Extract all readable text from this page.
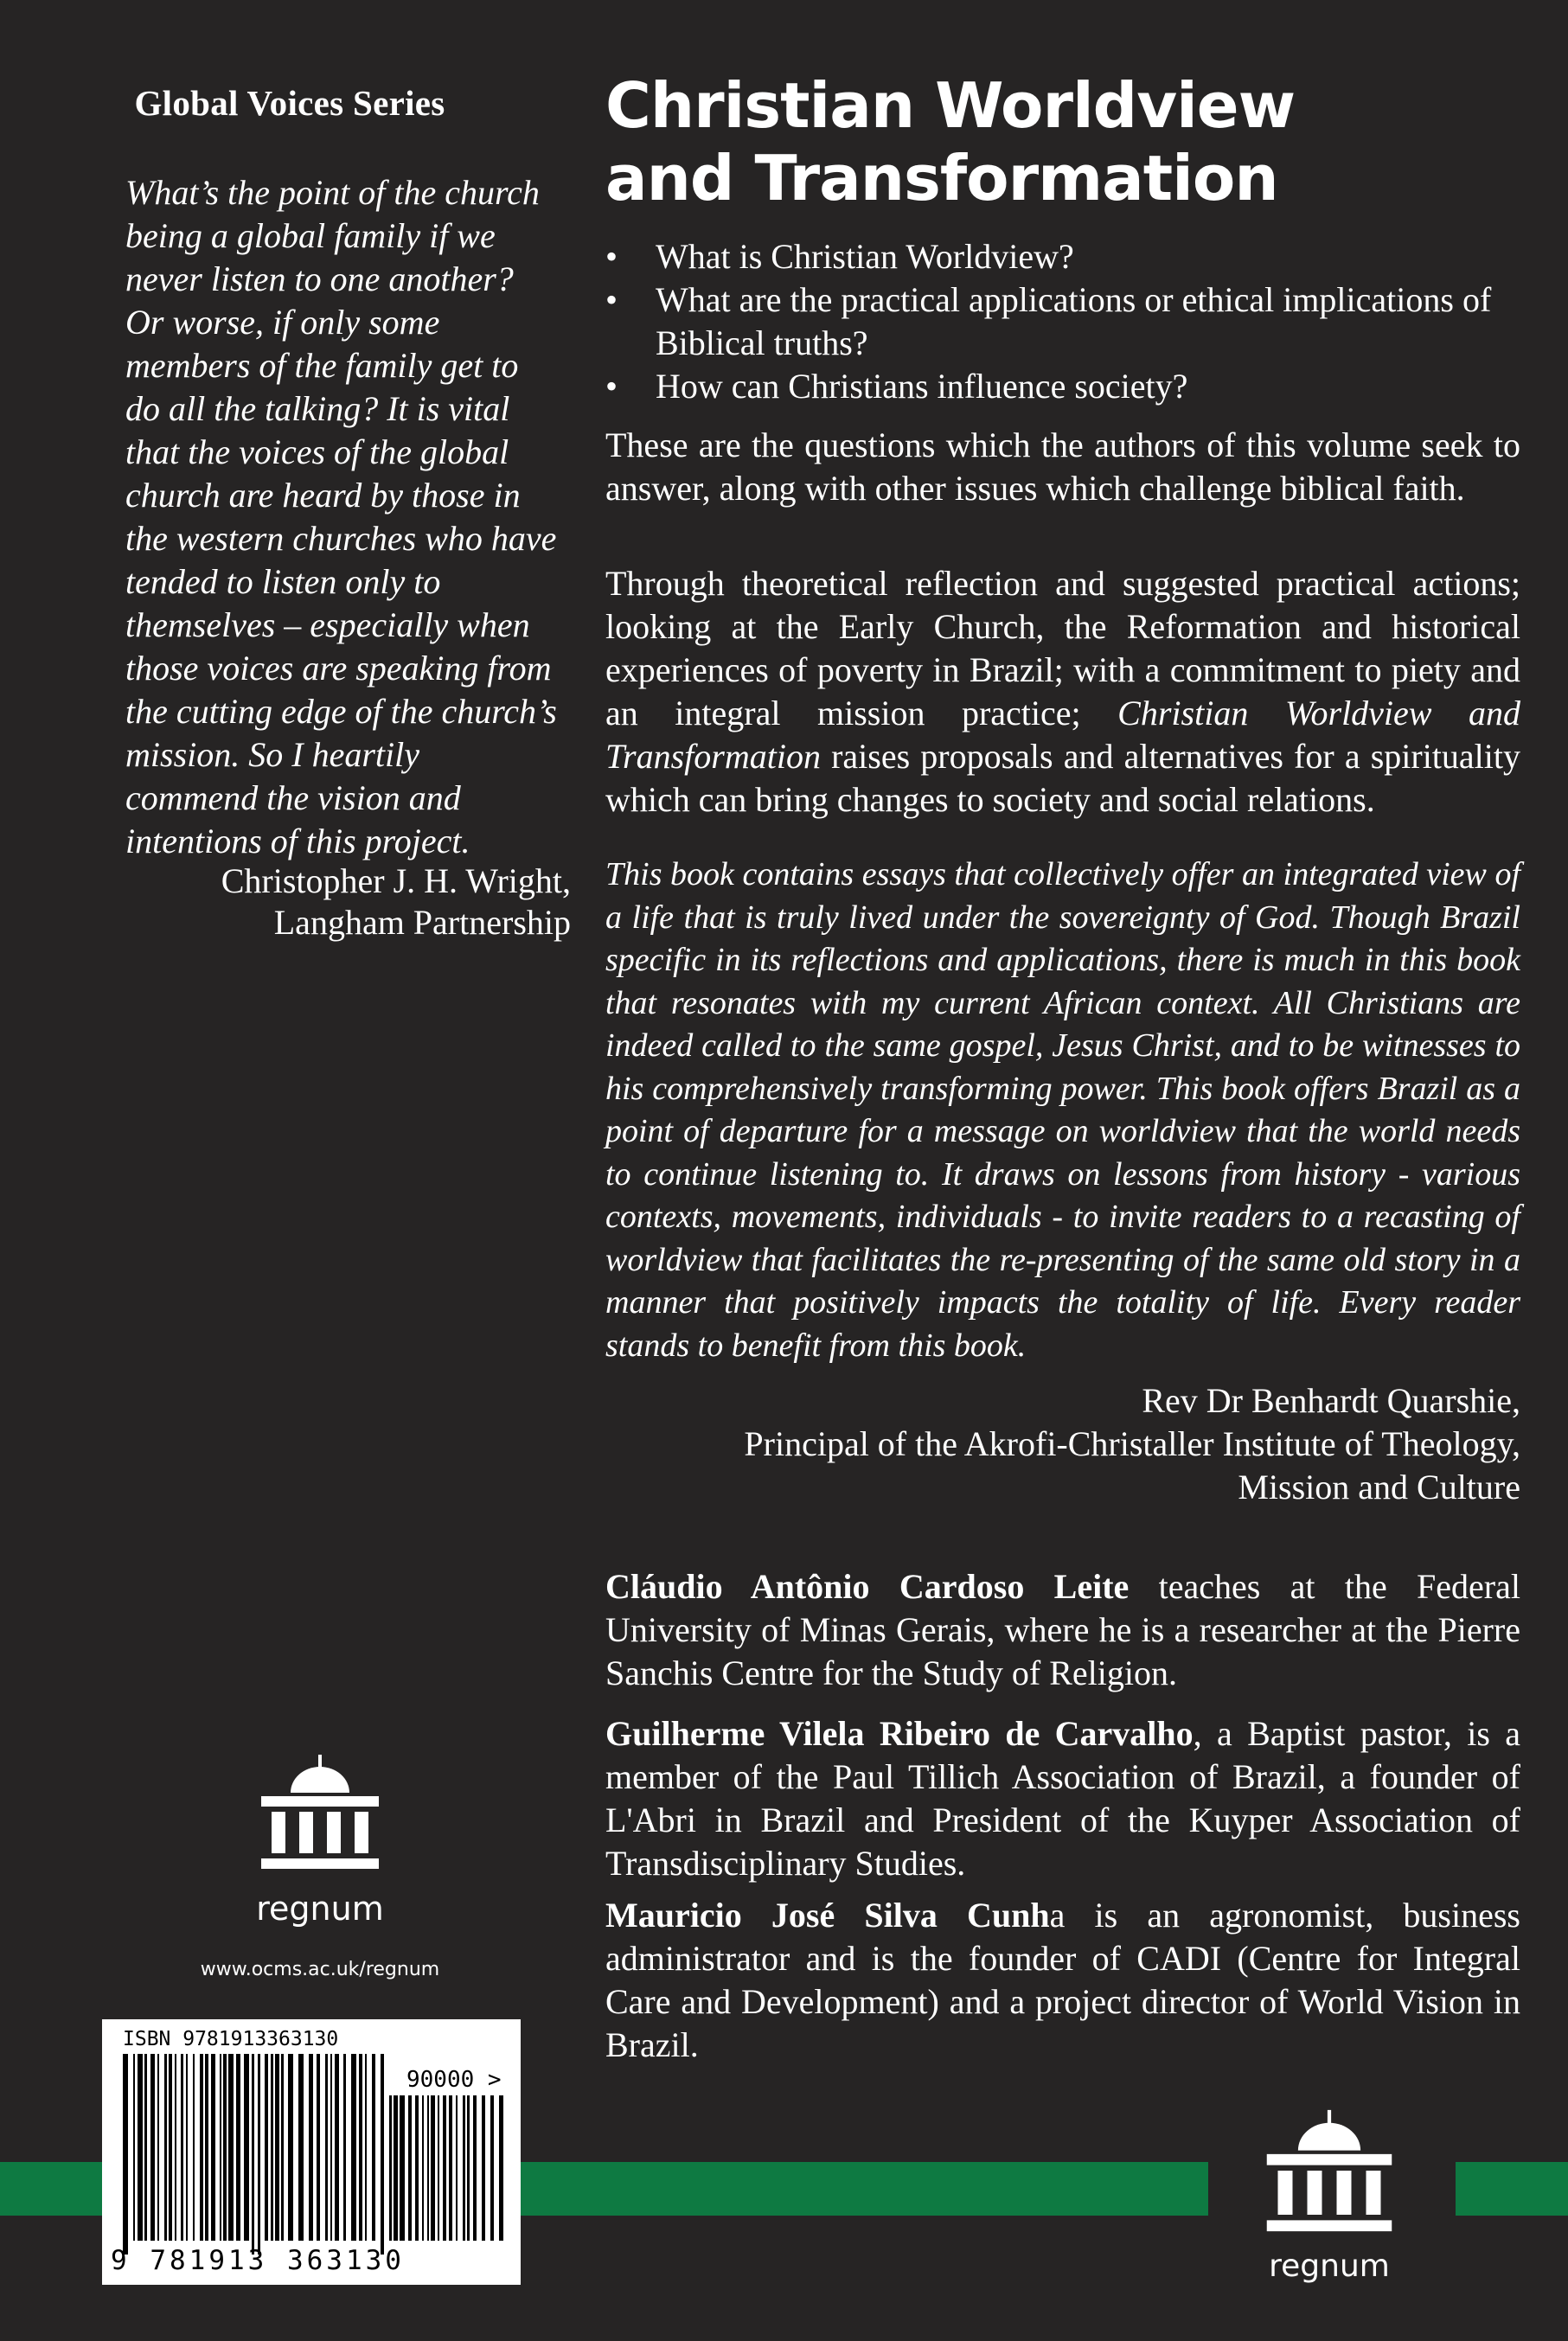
Global Voices Series
What’s the point of the church being a global family if we never listen to one another? Or worse, if only some members of the family get to do all the talking? It is vital that the voices of the global church are heard by those in the western churches who have tended to listen only to themselves – especially when those voices are speaking from the cutting edge of the church’s mission. So I heartily commend the vision and intentions of this project.
Christopher J. H. Wright,
Langham Partnership
Christian Worldview
and Transformation
• What is Christian Worldview?
• What are the practical applications or ethical implications of Biblical truths?
• How can Christians influence society?
These are the questions which the authors of this volume seek to answer, along with other issues which challenge biblical faith.
Through theoretical reflection and suggested practical actions; looking at the Early Church, the Reformation and historical experiences of poverty in Brazil; with a commitment to piety and an integral mission practice; Christian Worldview and Transformation raises proposals and alternatives for a spirituality which can bring changes to society and social relations.
This book contains essays that collectively offer an integrated view of a life that is truly lived under the sovereignty of God. Though Brazil specific in its reflections and applications, there is much in this book that resonates with my current African context. All Christians are indeed called to the same gospel, Jesus Christ, and to be witnesses to his comprehensively transforming power. This book offers Brazil as a point of departure for a message on worldview that the world needs to continue listening to. It draws on lessons from history - various contexts, movements, individuals - to invite readers to a recasting of worldview that facilitates the re-presenting of the same old story in a manner that positively impacts the totality of life. Every reader stands to benefit from this book.
Rev Dr Benhardt Quarshie,
Principal of the Akrofi-Christaller Institute of Theology,
Mission and Culture
Cláudio Antônio Cardoso Leite teaches at the Federal University of Minas Gerais, where he is a researcher at the Pierre Sanchis Centre for the Study of Religion.
Guilherme Vilela Ribeiro de Carvalho, a Baptist pastor, is a member of the Paul Tillich Association of Brazil, a founder of L'Abri in Brazil and President of the Kuyper Association of Transdisciplinary Studies.
Mauricio José Silva Cunha is an agronomist, business administrator and is the founder of CADI (Centre for Integral Care and Development) and a project director of World Vision in Brazil.
regnum
www.ocms.ac.uk/regnum
regnum
ISBN 9781913363130
90000 >
9 781913 363130
